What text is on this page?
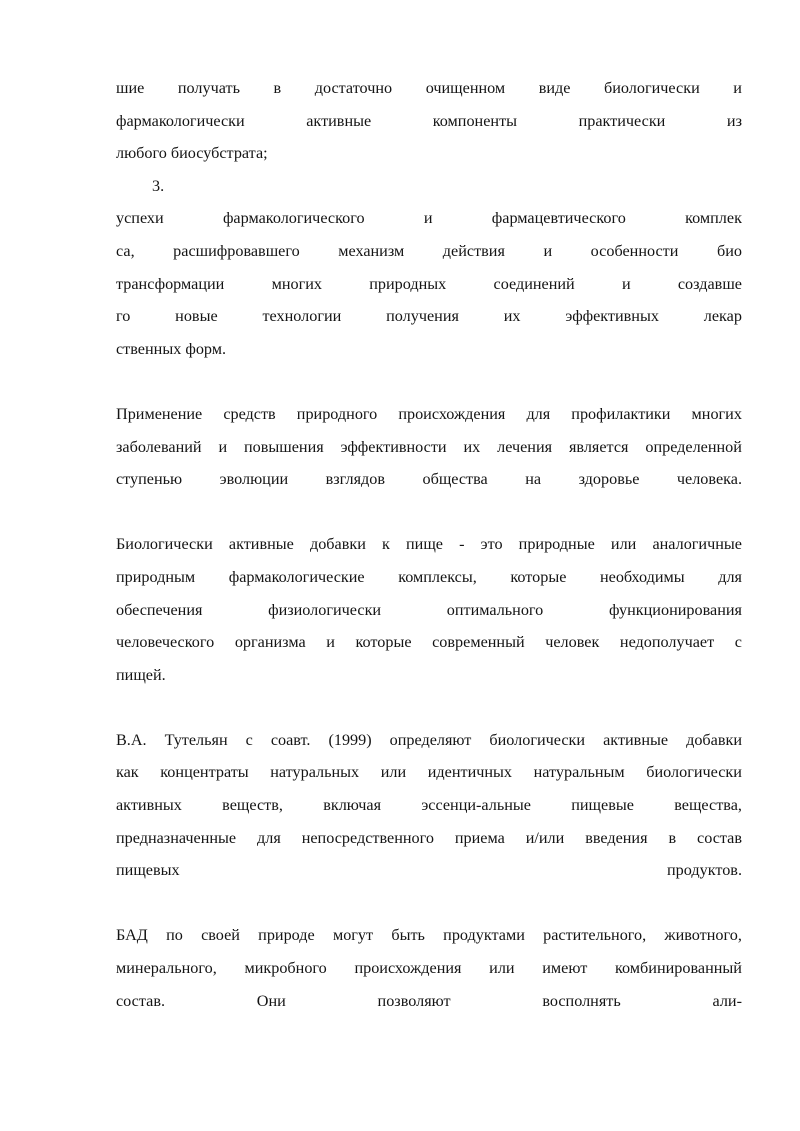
шие получать в достаточно очищенном виде биологически и
фармакологически	активные	компоненты	практически	из
любого биосубстрата;
3.
успехи	фармакологического	и	фармацевтического	комплек
са, расшифровавшего механизм действия и особенности био
трансформации	многих	природных	соединений	и	создавше
го	новые	технологии	получения	их	эффективных	лекар
ственных форм.
Применение средств природного происхождения для профилактики многих
заболеваний и повышения эффективности их лечения является определенной
ступенью эволюции взглядов общества на здоровье человека.
Биологически активные добавки к пище - это природные или аналогичные
природным фармакологические комплексы, которые необходимы для
обеспечения	физиологически	оптимального	функционирования
человеческого организма и которые современный человек недополучает с
пищей.
В.А. Тутельян с соавт. (1999) определяют биологически активные добавки
как концентраты натуральных или идентичных натуральным биологически
активных веществ, включая эссенци-альные пищевые вещества,
предназначенные для непосредственного приема и/или введения в состав
пищевых	продуктов.
БАД по своей природе могут быть продуктами растительного, животного,
минерального, микробного происхождения или имеют комбинированный
состав.	Они	позволяют	восполнять	али-
